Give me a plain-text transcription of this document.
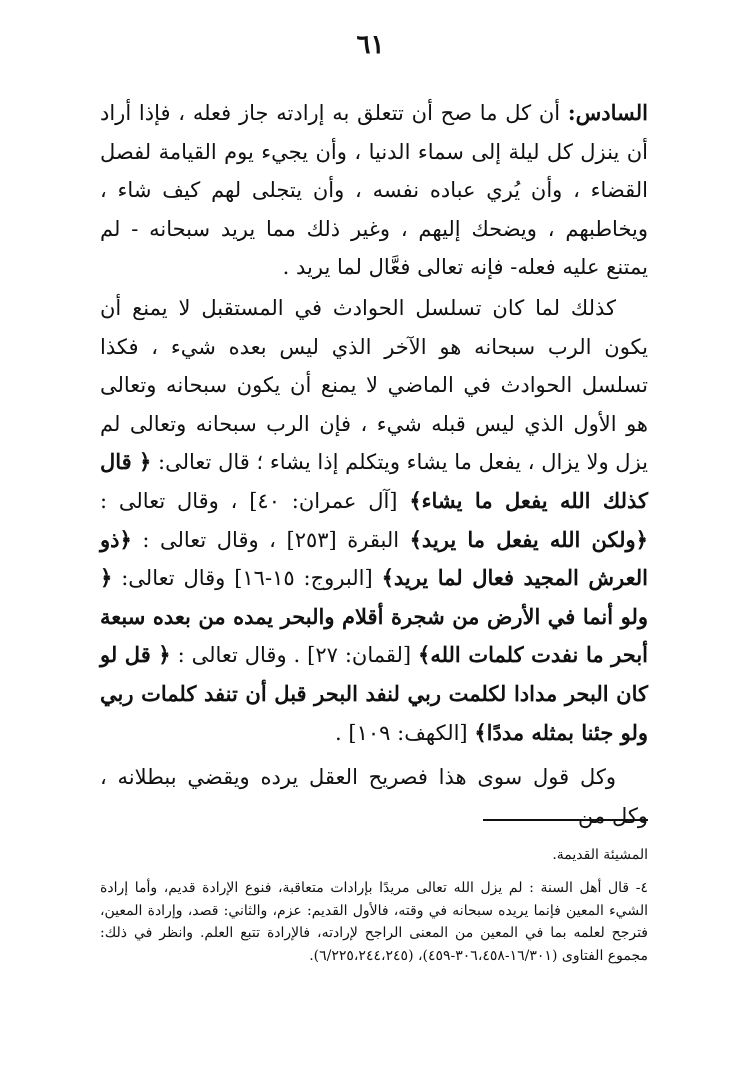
٦١

السادس: أن كل ما صح أن تتعلق به إرادته جاز فعله ، فإذا أراد أن ينزل كل ليلة إلى سماء الدنيا ، وأن يجيء يوم القيامة لفصل القضاء ، وأن يُري عباده نفسه ، وأن يتجلى لهم كيف شاء ، ويخاطبهم ، ويضحك إليهم ، وغير ذلك مما يريد سبحانه - لم يمتنع عليه فعله- فإنه تعالى فعَّال لما يريد .

كذلك لما كان تسلسل الحوادث في المستقبل لا يمنع أن يكون الرب سبحانه هو الآخر الذي ليس بعده شيء ، فكذا تسلسل الحوادث في الماضي لا يمنع أن يكون سبحانه وتعالى هو الأول الذي ليس قبله شيء ، فإن الرب سبحانه وتعالى لم يزل ولا يزال ، يفعل ما يشاء ويتكلم إذا يشاء ؛ قال تعالى: ﴿ قال كذلك الله يفعل ما يشاء﴾ [آل عمران: ٤٠] ، وقال تعالى : ﴿ولكن الله يفعل ما يريد﴾ البقرة [٢٥٣] ، وقال تعالى : ﴿ذو العرش المجيد فعال لما يريد﴾ [البروج: ١٥-١٦] وقال تعالى: ﴿ ولو أنما في الأرض من شجرة أقلام والبحر يمده من بعده سبعة أبحر ما نفدت كلمات الله﴾ [لقمان: ٢٧] . وقال تعالى : ﴿ قل لو كان البحر مدادا لكلمت ربي لنفد البحر قبل أن تنفد كلمات ربي ولو جئنا بمثله مددًا﴾ [الكهف: ١٠٩] .

وكل قول سوى هذا فصريح العقل يرده ويقضي ببطلانه ، وكل من

المشيئة القديمة.

٤- قال أهل السنة : لم يزل الله تعالى مريدًا بإرادات متعاقبة، فنوع الإرادة قديم، وأما إرادة الشيء المعين فإنما يريده سبحانه في وقته، فالأول القديم: عزم، والثاني: قصد، وإرادة المعين، فترجح لعلمه بما في المعين من المعنى الراجح لإرادته، فالإرادة تتبع العلم. وانظر في ذلك: مجموع الفتاوى (١٦/٣٠١-٣٠٦،٤٥٨-٤٥٩)، (٦/٢٢٥،٢٤٤،٢٤٥).
